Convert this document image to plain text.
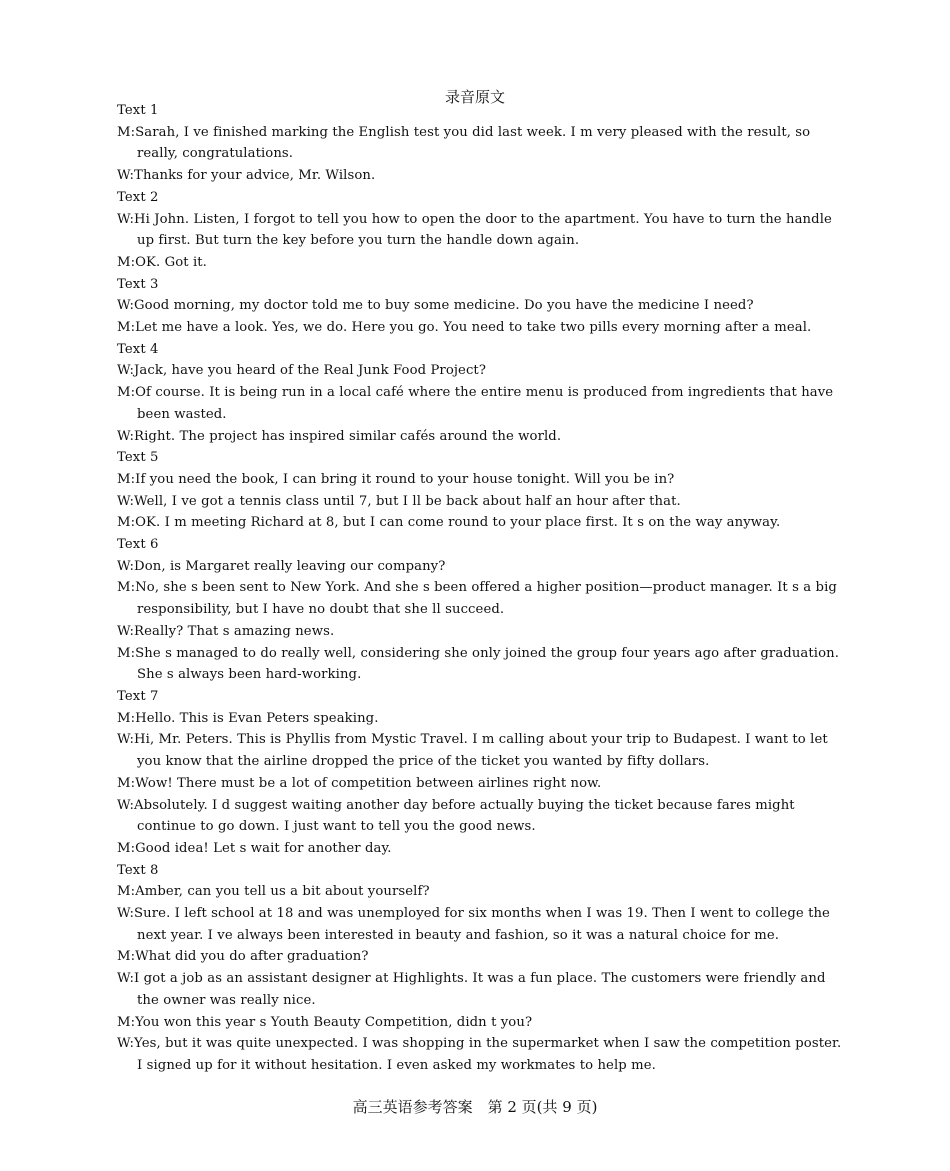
录音原文
Text 1
M:Sarah, I ve finished marking the English test you did last week. I m very pleased with the result, so really, congratulations.
W:Thanks for your advice, Mr. Wilson.
Text 2
W:Hi John. Listen, I forgot to tell you how to open the door to the apartment. You have to turn the handle up first. But turn the key before you turn the handle down again.
M:OK. Got it.
Text 3
W:Good morning, my doctor told me to buy some medicine. Do you have the medicine I need?
M:Let me have a look. Yes, we do. Here you go. You need to take two pills every morning after a meal.
Text 4
W:Jack, have you heard of the Real Junk Food Project?
M:Of course. It is being run in a local café where the entire menu is produced from ingredients that have been wasted.
W:Right. The project has inspired similar cafés around the world.
Text 5
M:If you need the book, I can bring it round to your house tonight. Will you be in?
W:Well, I ve got a tennis class until 7, but I ll be back about half an hour after that.
M:OK. I m meeting Richard at 8, but I can come round to your place first. It s on the way anyway.
Text 6
W:Don, is Margaret really leaving our company?
M:No, she s been sent to New York. And she s been offered a higher position—product manager. It s a big responsibility, but I have no doubt that she ll succeed.
W:Really? That s amazing news.
M:She s managed to do really well, considering she only joined the group four years ago after graduation. She s always been hard-working.
Text 7
M:Hello. This is Evan Peters speaking.
W:Hi, Mr. Peters. This is Phyllis from Mystic Travel. I m calling about your trip to Budapest. I want to let you know that the airline dropped the price of the ticket you wanted by fifty dollars.
M:Wow! There must be a lot of competition between airlines right now.
W:Absolutely. I d suggest waiting another day before actually buying the ticket because fares might continue to go down. I just want to tell you the good news.
M:Good idea! Let s wait for another day.
Text 8
M:Amber, can you tell us a bit about yourself?
W:Sure. I left school at 18 and was unemployed for six months when I was 19. Then I went to college the next year. I ve always been interested in beauty and fashion, so it was a natural choice for me.
M:What did you do after graduation?
W:I got a job as an assistant designer at Highlights. It was a fun place. The customers were friendly and the owner was really nice.
M:You won this year s Youth Beauty Competition, didn t you?
W:Yes, but it was quite unexpected. I was shopping in the supermarket when I saw the competition poster. I signed up for it without hesitation. I even asked my workmates to help me.
高三英语参考答案　第 2 页(共 9 页)
